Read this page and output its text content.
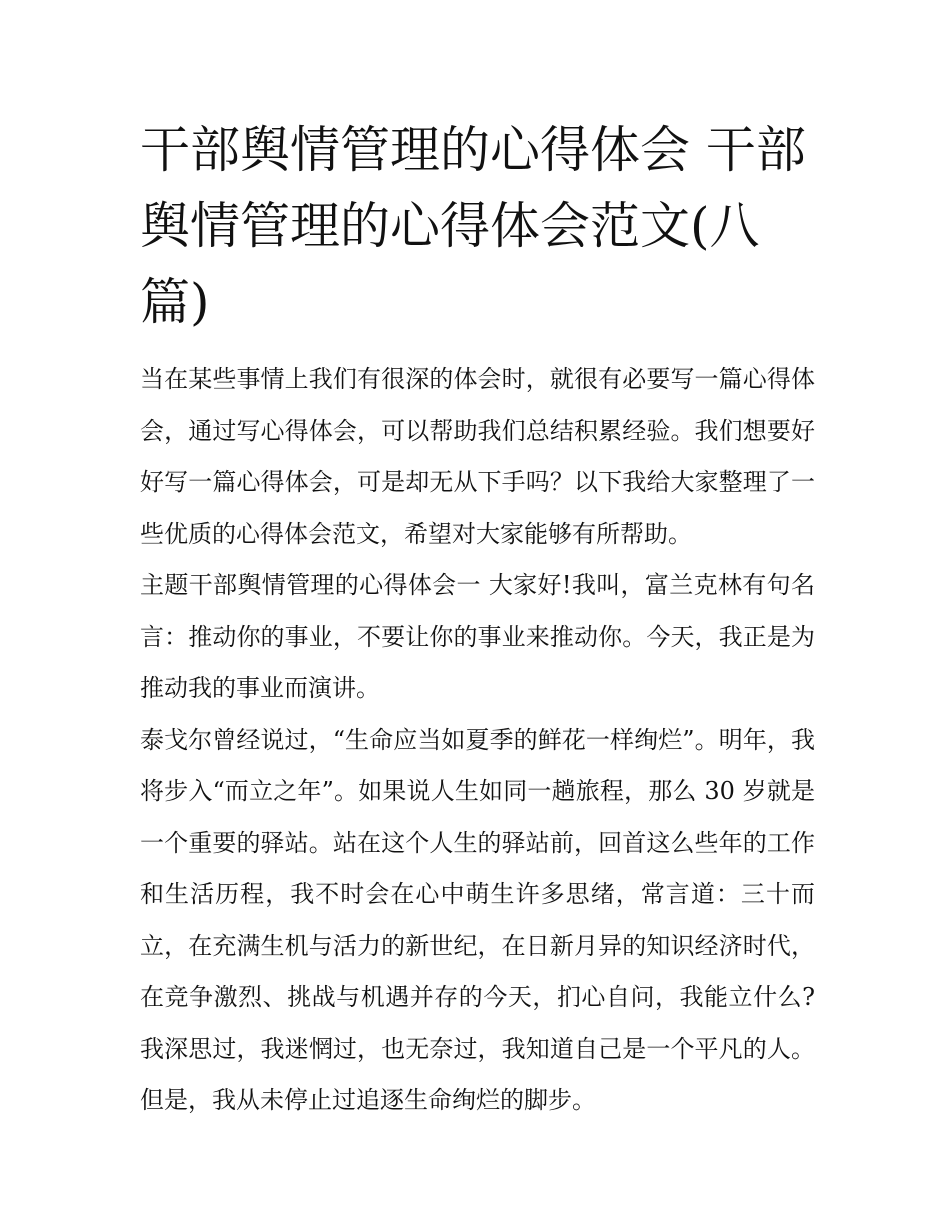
干部舆情管理的心得体会 干部舆情管理的心得体会范文(八篇)

当在某些事情上我们有很深的体会时，就很有必要写一篇心得体会，通过写心得体会，可以帮助我们总结积累经验。我们想要好好写一篇心得体会，可是却无从下手吗？以下我给大家整理了一些优质的心得体会范文，希望对大家能够有所帮助。

主题干部舆情管理的心得体会一 大家好!我叫，富兰克林有句名言：推动你的事业，不要让你的事业来推动你。今天，我正是为推动我的事业而演讲。

泰戈尔曾经说过，“生命应当如夏季的鲜花一样绚烂”。明年，我将步入“而立之年”。如果说人生如同一趟旅程，那么 30 岁就是一个重要的驿站。站在这个人生的驿站前，回首这么些年的工作和生活历程，我不时会在心中萌生许多思绪，常言道：三十而立，在充满生机与活力的新世纪，在日新月异的知识经济时代，在竞争激烈、挑战与机遇并存的今天，扪心自问，我能立什么?我深思过，我迷惘过，也无奈过，我知道自己是一个平凡的人。但是，我从未停止过追逐生命绚烂的脚步。
